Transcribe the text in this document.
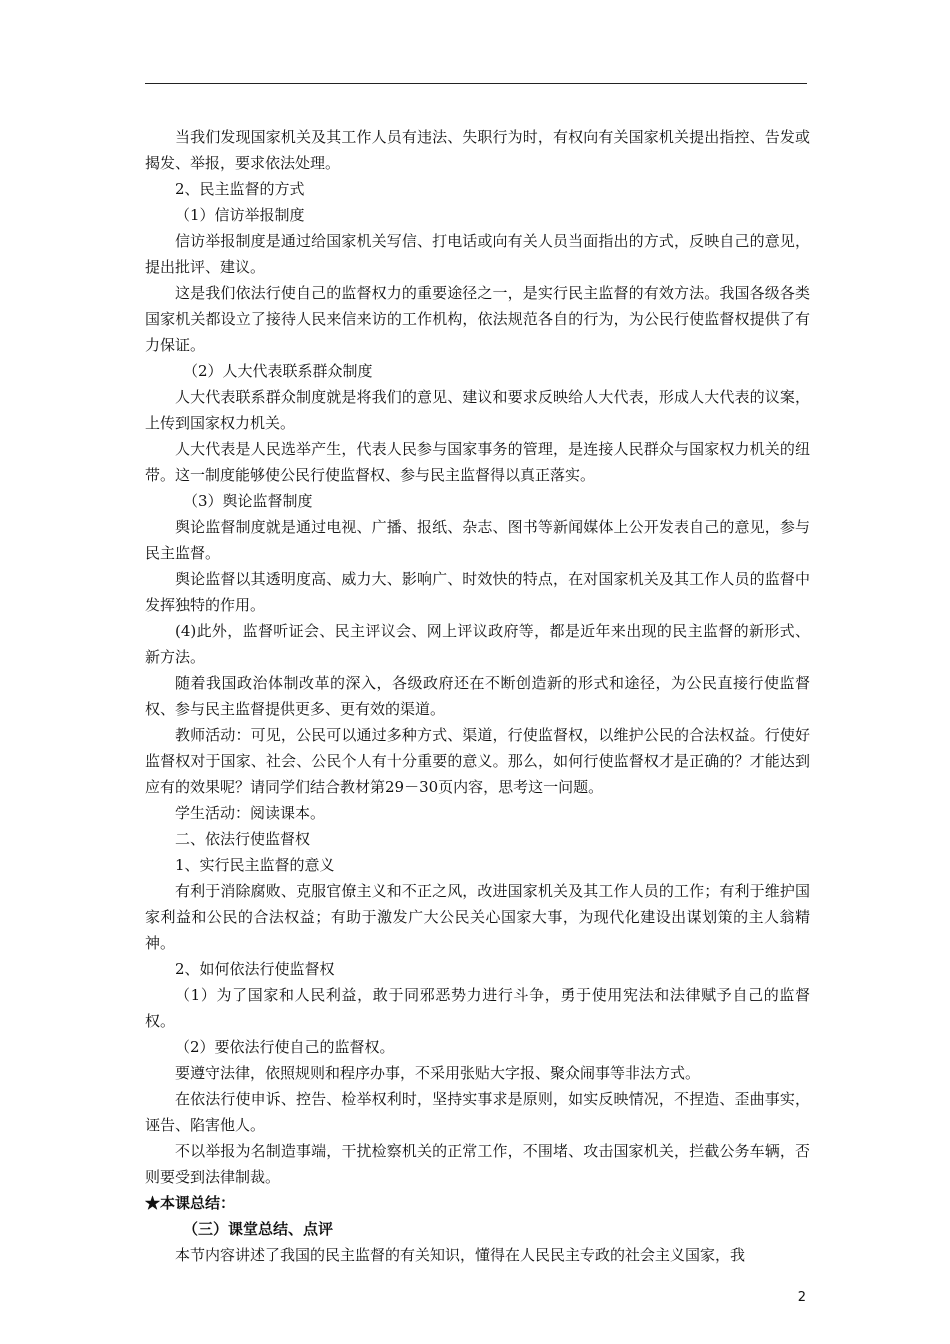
当我们发现国家机关及其工作人员有违法、失职行为时，有权向有关国家机关提出指控、告发或揭发、举报，要求依法处理。

2、民主监督的方式

（1）信访举报制度

信访举报制度是通过给国家机关写信、打电话或向有关人员当面指出的方式，反映自己的意见，提出批评、建议。

这是我们依法行使自己的监督权力的重要途径之一，是实行民主监督的有效方法。我国各级各类国家机关都设立了接待人民来信来访的工作机构，依法规范各自的行为，为公民行使监督权提供了有力保证。

（2）人大代表联系群众制度

人大代表联系群众制度就是将我们的意见、建议和要求反映给人大代表，形成人大代表的议案，上传到国家权力机关。

人大代表是人民选举产生，代表人民参与国家事务的管理，是连接人民群众与国家权力机关的纽带。这一制度能够使公民行使监督权、参与民主监督得以真正落实。

（3）舆论监督制度

舆论监督制度就是通过电视、广播、报纸、杂志、图书等新闻媒体上公开发表自己的意见，参与民主监督。

舆论监督以其透明度高、威力大、影响广、时效快的特点，在对国家机关及其工作人员的监督中发挥独特的作用。

(4)此外，监督听证会、民主评议会、网上评议政府等，都是近年来出现的民主监督的新形式、新方法。

随着我国政治体制改革的深入，各级政府还在不断创造新的形式和途径，为公民直接行使监督权、参与民主监督提供更多、更有效的渠道。

教师活动：可见，公民可以通过多种方式、渠道，行使监督权，以维护公民的合法权益。行使好监督权对于国家、社会、公民个人有十分重要的意义。那么，如何行使监督权才是正确的？才能达到应有的效果呢？请同学们结合教材第29－30页内容，思考这一问题。

学生活动：阅读课本。

二、依法行使监督权

1、实行民主监督的意义

有利于消除腐败、克服官僚主义和不正之风，改进国家机关及其工作人员的工作；有利于维护国家利益和公民的合法权益；有助于激发广大公民关心国家大事，为现代化建设出谋划策的主人翁精神。

2、如何依法行使监督权

（1）为了国家和人民利益，敢于同邪恶势力进行斗争，勇于使用宪法和法律赋予自己的监督权。

（2）要依法行使自己的监督权。

要遵守法律，依照规则和程序办事，不采用张贴大字报、聚众闹事等非法方式。

在依法行使申诉、控告、检举权利时，坚持实事求是原则，如实反映情况，不捏造、歪曲事实，诬告、陷害他人。

不以举报为名制造事端，干扰检察机关的正常工作，不围堵、攻击国家机关，拦截公务车辆，否则要受到法律制裁。

★本课总结：

（三）课堂总结、点评

本节内容讲述了我国的民主监督的有关知识，懂得在人民民主专政的社会主义国家，我

2
